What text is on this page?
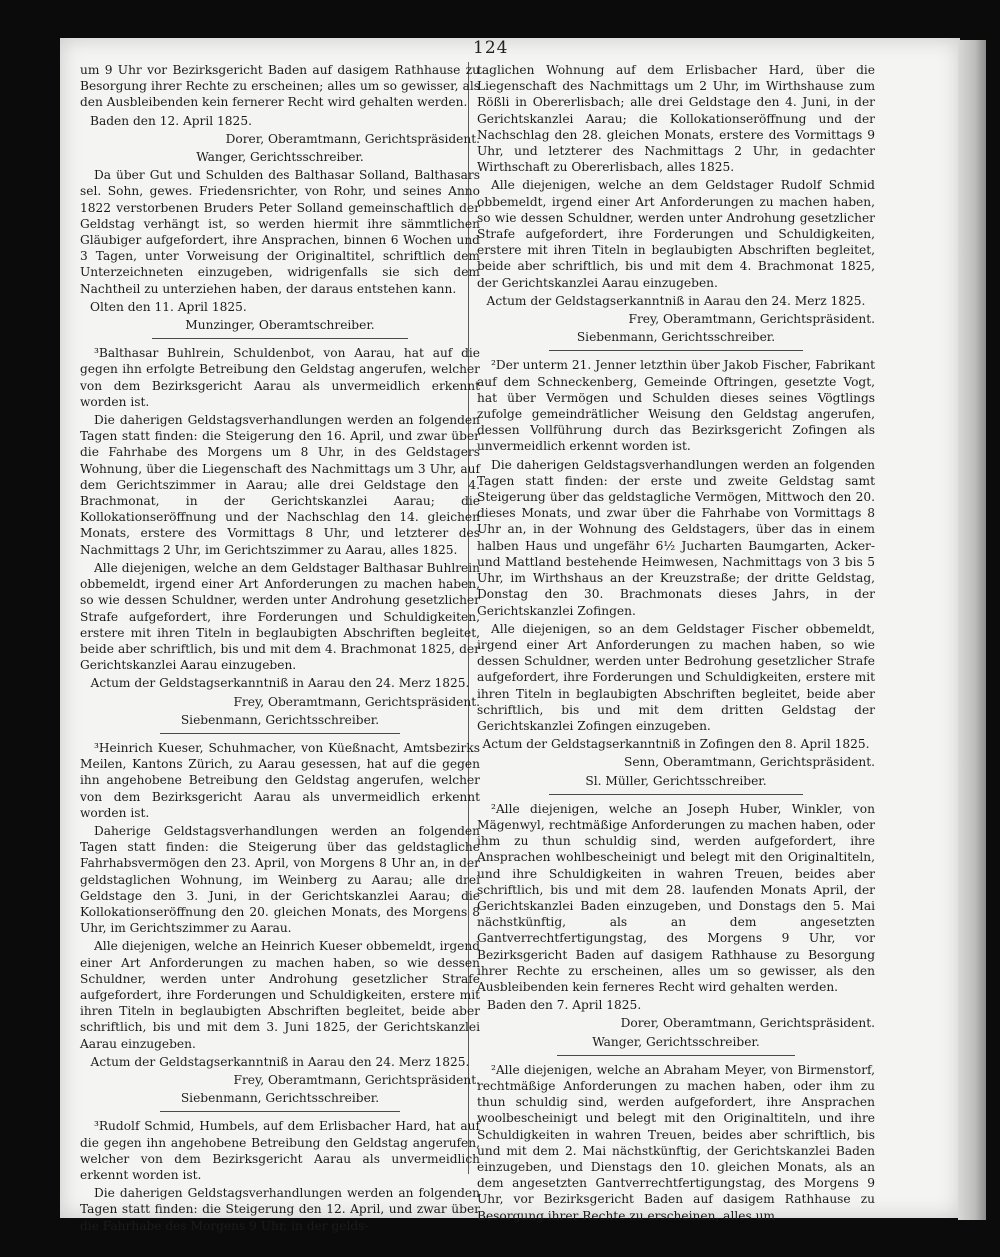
124

um 9 Uhr vor Bezirksgericht Baden auf dasigem Rathhause zu Besorgung ihrer Rechte zu erscheinen; alles um so gewisser, als den Ausbleibenden kein fernerer Recht wird gehalten werden.

Baden den 12. April 1825.

Dorer, Oberamtmann, Gerichtspräsident.

Wanger, Gerichtsschreiber.

Da über Gut und Schulden des Balthasar Solland, Balthasars sel. Sohn, gewes. Friedensrichter, von Rohr, und seines Anno 1822 verstorbenen Bruders Peter Solland gemeinschaftlich der Geldstag verhängt ist, so werden hiermit ihre sämmtlichen Gläubiger aufgefordert, ihre Ansprachen, binnen 6 Wochen und 3 Tagen, unter Vorweisung der Originaltitel, schriftlich dem Unterzeichneten einzugeben, widrigenfalls sie sich dem Nachtheil zu unterziehen haben, der daraus entstehen kann.

Olten den 11. April 1825.

Munzinger, Oberamtschreiber.

³Balthasar Buhlrein, Schuldenbot, von Aarau, hat auf die gegen ihn erfolgte Betreibung den Geldstag angerufen, welcher von dem Bezirksgericht Aarau als unvermeidlich erkennt worden ist.

Die daherigen Geldstagsverhandlungen werden an folgenden Tagen statt finden: die Steigerung den 16. April, und zwar über die Fahrhabe des Morgens um 8 Uhr, in des Geldstagers Wohnung, über die Liegenschaft des Nachmittags um 3 Uhr, auf dem Gerichtszimmer in Aarau; alle drei Geldstage den 4. Brachmonat, in der Gerichtskanzlei Aarau; die Kollokationseröffnung und der Nachschlag den 14. gleichen Monats, erstere des Vormittags 8 Uhr, und letzterer des Nachmittags 2 Uhr, im Gerichtszimmer zu Aarau, alles 1825.

Alle diejenigen, welche an dem Geldstager Balthasar Buhlrein obbemeldt, irgend einer Art Anforderungen zu machen haben, so wie dessen Schuldner, werden unter Androhung gesetzlicher Strafe aufgefordert, ihre Forderungen und Schuldigkeiten, erstere mit ihren Titeln in beglaubigten Abschriften begleitet, beide aber schriftlich, bis und mit dem 4. Brachmonat 1825, der Gerichtskanzlei Aarau einzugeben.

Actum der Geldstagserkanntniß in Aarau den 24. Merz 1825.

Frey, Oberamtmann, Gerichtspräsident.

Siebenmann, Gerichtsschreiber.

³Heinrich Kueser, Schuhmacher, von Küeßnacht, Amtsbezirks Meilen, Kantons Zürich, zu Aarau gesessen, hat auf die gegen ihn angehobene Betreibung den Geldstag angerufen, welcher von dem Bezirksgericht Aarau als unvermeidlich erkennt worden ist.

Daherige Geldstagsverhandlungen werden an folgenden Tagen statt finden: die Steigerung über das geldstagliche Fahrhabsvermögen den 23. April, von Morgens 8 Uhr an, in der geldstaglichen Wohnung, im Weinberg zu Aarau; alle drei Geldstage den 3. Juni, in der Gerichtskanzlei Aarau; die Kollokationseröffnung den 20. gleichen Monats, des Morgens 8 Uhr, im Gerichtszimmer zu Aarau.

Alle diejenigen, welche an Heinrich Kueser obbemeldt, irgend einer Art Anforderungen zu machen haben, so wie dessen Schuldner, werden unter Androhung gesetzlicher Strafe aufgefordert, ihre Forderungen und Schuldigkeiten, erstere mit ihren Titeln in beglaubigten Abschriften begleitet, beide aber schriftlich, bis und mit dem 3. Juni 1825, der Gerichtskanzlei Aarau einzugeben.

Actum der Geldstagserkanntniß in Aarau den 24. Merz 1825.

Frey, Oberamtmann, Gerichtspräsident.

Siebenmann, Gerichtsschreiber.

³Rudolf Schmid, Humbels, auf dem Erlisbacher Hard, hat auf die gegen ihn angehobene Betreibung den Geldstag angerufen, welcher von dem Bezirksgericht Aarau als unvermeidlich erkennt worden ist.

Die daherigen Geldstagsverhandlungen werden an folgenden Tagen statt finden: die Steigerung den 12. April, und zwar über die Fahrhabe des Morgens 9 Uhr, in der gelds-

taglichen Wohnung auf dem Erlisbacher Hard, über die Liegenschaft des Nachmittags um 2 Uhr, im Wirthshause zum Rößli in Obererlisbach; alle drei Geldstage den 4. Juni, in der Gerichtskanzlei Aarau; die Kollokationseröffnung und der Nachschlag den 28. gleichen Monats, erstere des Vormittags 9 Uhr, und letzterer des Nachmittags 2 Uhr, in gedachter Wirthschaft zu Obererlisbach, alles 1825.

Alle diejenigen, welche an dem Geldstager Rudolf Schmid obbemeldt, irgend einer Art Anforderungen zu machen haben, so wie dessen Schuldner, werden unter Androhung gesetzlicher Strafe aufgefordert, ihre Forderungen und Schuldigkeiten, erstere mit ihren Titeln in beglaubigten Abschriften begleitet, beide aber schriftlich, bis und mit dem 4. Brachmonat 1825, der Gerichtskanzlei Aarau einzugeben.

Actum der Geldstagserkanntniß in Aarau den 24. Merz 1825.

Frey, Oberamtmann, Gerichtspräsident.

Siebenmann, Gerichtsschreiber.

²Der unterm 21. Jenner letzthin über Jakob Fischer, Fabrikant auf dem Schneckenberg, Gemeinde Oftringen, gesetzte Vogt, hat über Vermögen und Schulden dieses seines Vögtlings zufolge gemeindrätlicher Weisung den Geldstag angerufen, dessen Vollführung durch das Bezirksgericht Zofingen als unvermeidlich erkennt worden ist.

Die daherigen Geldstagsverhandlungen werden an folgenden Tagen statt finden: der erste und zweite Geldstag samt Steigerung über das geldstagliche Vermögen, Mittwoch den 20. dieses Monats, und zwar über die Fahrhabe von Vormittags 8 Uhr an, in der Wohnung des Geldstagers, über das in einem halben Haus und ungefähr 6½ Jucharten Baumgarten, Acker- und Mattland bestehende Heimwesen, Nachmittags von 3 bis 5 Uhr, im Wirthshaus an der Kreuzstraße; der dritte Geldstag, Donstag den 30. Brachmonats dieses Jahrs, in der Gerichtskanzlei Zofingen.

Alle diejenigen, so an dem Geldstager Fischer obbemeldt, irgend einer Art Anforderungen zu machen haben, so wie dessen Schuldner, werden unter Bedrohung gesetzlicher Strafe aufgefordert, ihre Forderungen und Schuldigkeiten, erstere mit ihren Titeln in beglaubigten Abschriften begleitet, beide aber schriftlich, bis und mit dem dritten Geldstag der Gerichtskanzlei Zofingen einzugeben.

Actum der Geldstagserkanntniß in Zofingen den 8. April 1825.

Senn, Oberamtmann, Gerichtspräsident.

Sl. Müller, Gerichtsschreiber.

²Alle diejenigen, welche an Joseph Huber, Winkler, von Mägenwyl, rechtmäßige Anforderungen zu machen haben, oder ihm zu thun schuldig sind, werden aufgefordert, ihre Ansprachen wohlbescheinigt und belegt mit den Originaltiteln, und ihre Schuldigkeiten in wahren Treuen, beides aber schriftlich, bis und mit dem 28. laufenden Monats April, der Gerichtskanzlei Baden einzugeben, und Donstags den 5. Mai nächstkünftig, als an dem angesetzten Gantverrechtfertigungstag, des Morgens 9 Uhr, vor Bezirksgericht Baden auf dasigem Rathhause zu Besorgung ihrer Rechte zu erscheinen, alles um so gewisser, als den Ausbleibenden kein ferneres Recht wird gehalten werden.

Baden den 7. April 1825.

Dorer, Oberamtmann, Gerichtspräsident.

Wanger, Gerichtsschreiber.

²Alle diejenigen, welche an Abraham Meyer, von Birmenstorf, rechtmäßige Anforderungen zu machen haben, oder ihm zu thun schuldig sind, werden aufgefordert, ihre Ansprachen woolbescheinigt und belegt mit den Originaltiteln, und ihre Schuldigkeiten in wahren Treuen, beides aber schriftlich, bis und mit dem 2. Mai nächstkünftig, der Gerichtskanzlei Baden einzugeben, und Dienstags den 10. gleichen Monats, als an dem angesetzten Gantverrechtfertigungstag, des Morgens 9 Uhr, vor Bezirksgericht Baden auf dasigem Rathhause zu Besorgung ihrer Rechte zu erscheinen, alles um
